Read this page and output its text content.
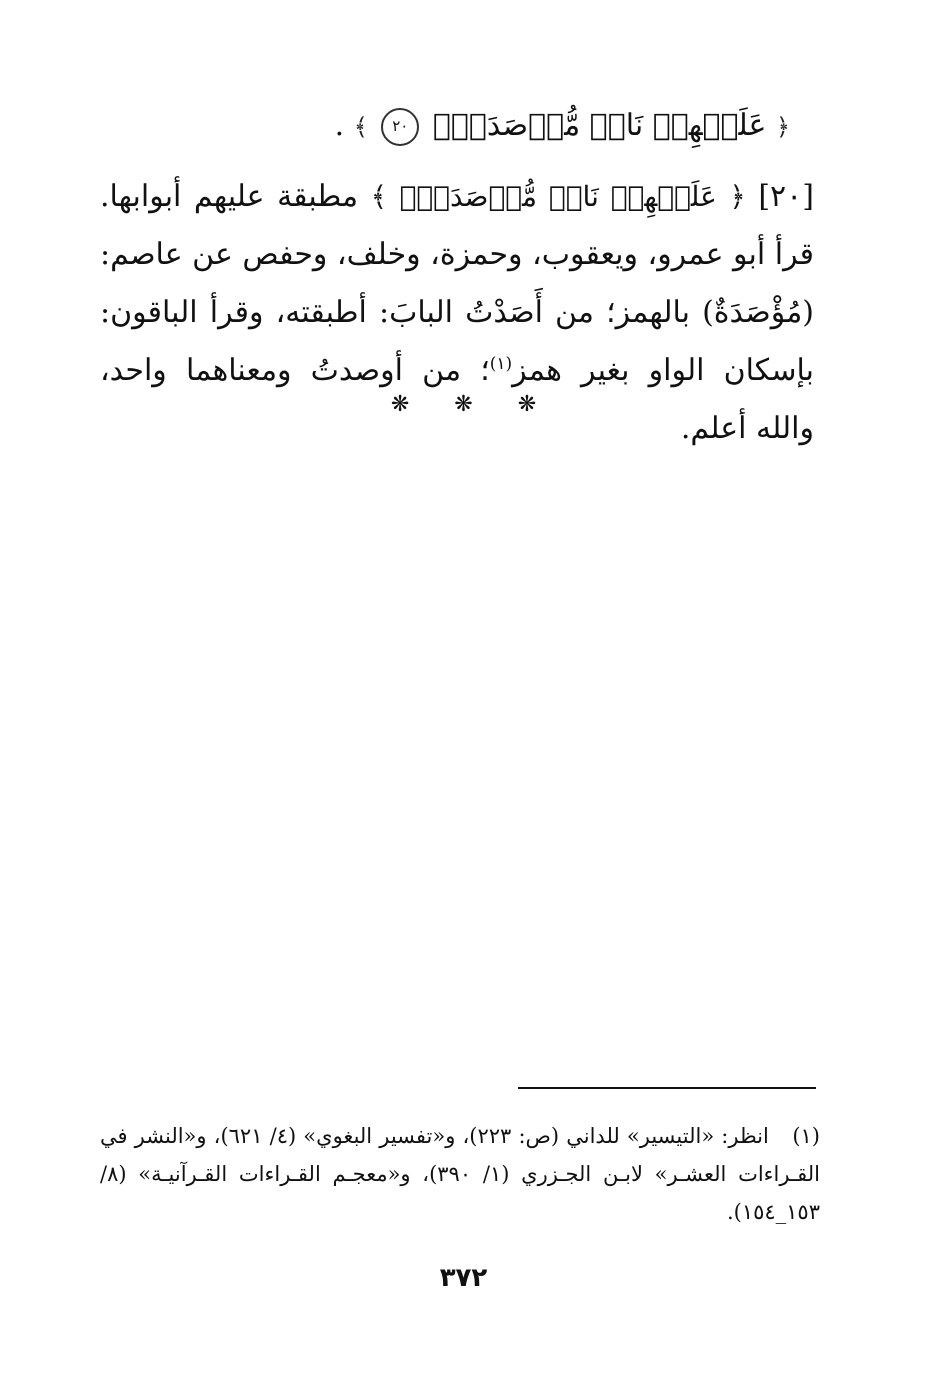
﴿ عَلَيۡهِمۡ نَارٞ مُّؤۡصَدَةُۢ ٢٠ ﴾ .
[٢٠] ﴿ عَلَيۡهِمۡ نَارٞ مُّؤۡصَدَةُۢ ﴾ مطبقة عليهم أبوابها. قرأ أبو عمرو، ويعقوب، وحمزة، وخلف، وحفص عن عاصم: (مُؤْصَدَةٌ) بالهمز؛ من أَصَدْتُ البابَ: أطبقته، وقرأ الباقون: بإسكان الواو بغير همز$^{(١)}$؛ من أوصدتُ ومعناهما واحد، والله أعلم.
❋ ❋ ❋
(١) انظر: «التيسير» للداني (ص: ٢٢٣)، و«تفسير البغوي» (٤/ ٦٢١)، و«النشر في القـراءات العشـر» لابـن الجـزري (١/ ٣٩٠)، و«معجـم القـراءات القـرآنيـة» (٨/ ١٥٣_١٥٤).
٣٧٢
